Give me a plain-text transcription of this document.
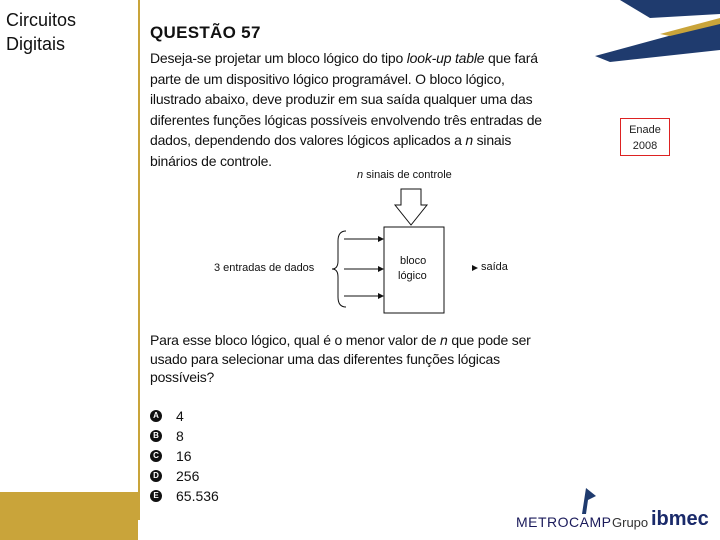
Circuitos Digitais
QUESTÃO 57
Deseja-se projetar um bloco lógico do tipo look-up table que fará
parte de um dispositivo lógico programável. O bloco lógico,
ilustrado abaixo, deve produzir em sua saída qualquer uma das
diferentes funções lógicas possíveis envolvendo três entradas de
dados, dependendo dos valores lógicos aplicados a n sinais
binários de controle.
Enade 2008
n sinais de controle
3 entradas de dados
bloco
lógico
saída
Para esse bloco lógico, qual é o menor valor de n que pode ser
usado para selecionar uma das diferentes funções lógicas
possíveis?
A 4
B 8
C 16
D 256
E 65.536
METROCAMP Grupo ibmec
